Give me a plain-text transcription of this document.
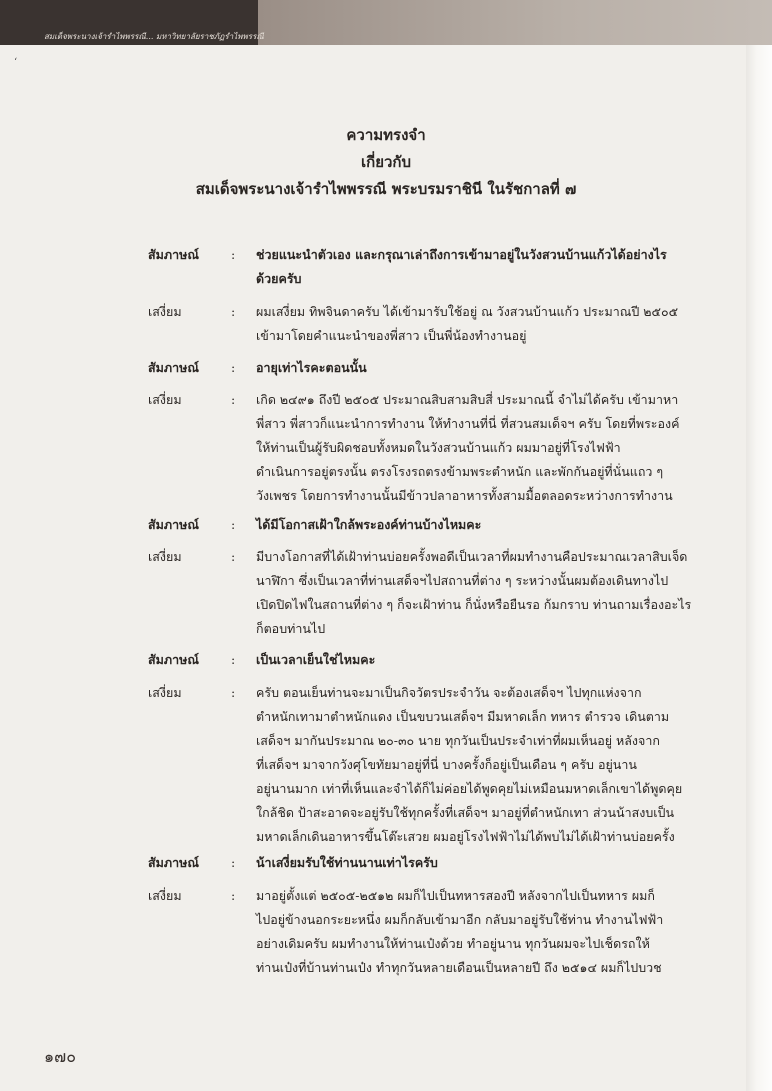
สมเด็จพระนางเจ้ารำไพพรรณี... มหาวิทยาลัยราชภัฏรำไพพรรณี
ʻ
ความทรงจำ
เกี่ยวกับ
สมเด็จพระนางเจ้ารำไพพรรณี พระบรมราชินี ในรัชกาลที่ ๗
สัมภาษณ์	: ช่วยแนะนำตัวเอง และกรุณาเล่าถึงการเข้ามาอยู่ในวังสวนบ้านแก้วได้อย่างไร
ด้วยครับ
เสงี่ยม	: ผมเสงี่ยม ทิพจินดาครับ ได้เข้ามารับใช้อยู่ ณ วังสวนบ้านแก้ว ประมาณปี ๒๕๐๕
เข้ามาโดยคำแนะนำของพี่สาว เป็นพี่น้องทำงานอยู่
สัมภาษณ์	: อายุเท่าไรคะตอนนั้น
เสงี่ยม	: เกิด ๒๔๙๑ ถึงปี ๒๕๐๕ ประมาณสิบสามสิบสี่ ประมาณนี้ จำไม่ได้ครับ เข้ามาหา
พี่สาว พี่สาวก็แนะนำการทำงาน ให้ทำงานที่นี่ ที่สวนสมเด็จฯ ครับ โดยที่พระองค์
ให้ท่านเป็นผู้รับผิดชอบทั้งหมดในวังสวนบ้านแก้ว ผมมาอยู่ที่โรงไฟฟ้า
ดำเนินการอยู่ตรงนั้น ตรงโรงรถตรงข้ามพระตำหนัก และพักกันอยู่ที่นั่นแถว ๆ
วังเพชร โดยการทำงานนั้นมีข้าวปลาอาหารทั้งสามมื้อตลอดระหว่างการทำงาน
สัมภาษณ์	: ได้มีโอกาสเฝ้าใกล้พระองค์ท่านบ้างไหมคะ
เสงี่ยม	: มีบางโอกาสที่ได้เฝ้าท่านบ่อยครั้งพอดีเป็นเวลาที่ผมทำงานคือประมาณเวลาสิบเจ็ด
นาฬิกา ซึ่งเป็นเวลาที่ท่านเสด็จฯไปสถานที่ต่าง ๆ ระหว่างนั้นผมต้องเดินทางไป
เปิดปิดไฟในสถานที่ต่าง ๆ ก็จะเฝ้าท่าน ก็นั่งหรือยืนรอ ก้มกราบ ท่านถามเรื่องอะไร
ก็ตอบท่านไป
สัมภาษณ์	: เป็นเวลาเย็นใช่ไหมคะ
เสงี่ยม	: ครับ ตอนเย็นท่านจะมาเป็นกิจวัตรประจำวัน จะต้องเสด็จฯ ไปทุกแห่งจาก
ตำหนักเทามาตำหนักแดง เป็นขบวนเสด็จฯ มีมหาดเล็ก ทหาร ตำรวจ เดินตาม
เสด็จฯ มากันประมาณ ๒๐-๓๐ นาย ทุกวันเป็นประจำเท่าที่ผมเห็นอยู่ หลังจาก
ที่เสด็จฯ มาจากวังศุโขทัยมาอยู่ที่นี่ บางครั้งก็อยู่เป็นเดือน ๆ ครับ อยู่นาน
อยู่นานมาก เท่าที่เห็นและจำได้ก็ไม่ค่อยได้พูดคุยไม่เหมือนมหาดเล็กเขาได้พูดคุย
ใกล้ชิด ป้าสะอาดจะอยู่รับใช้ทุกครั้งที่เสด็จฯ มาอยู่ที่ตำหนักเทา ส่วนน้าสงบเป็น
มหาดเล็กเดินอาหารขึ้นโต๊ะเสวย ผมอยู่โรงไฟฟ้าไม่ได้พบไม่ได้เฝ้าท่านบ่อยครั้ง
สัมภาษณ์	: น้าเสงี่ยมรับใช้ท่านนานเท่าไรครับ
เสงี่ยม	: มาอยู่ตั้งแต่ ๒๕๐๕-๒๕๑๒ ผมก็ไปเป็นทหารสองปี หลังจากไปเป็นทหาร ผมก็
ไปอยู่ข้างนอกระยะหนึ่ง ผมก็กลับเข้ามาอีก กลับมาอยู่รับใช้ท่าน ทำงานไฟฟ้า
อย่างเดิมครับ ผมทำงานให้ท่านเป๋งด้วย ทำอยู่นาน ทุกวันผมจะไปเช็ดรถให้
ท่านเป๋งที่บ้านท่านเป๋ง ทำทุกวันหลายเดือนเป็นหลายปี ถึง ๒๕๑๔ ผมก็ไปบวช
๑๗๐
